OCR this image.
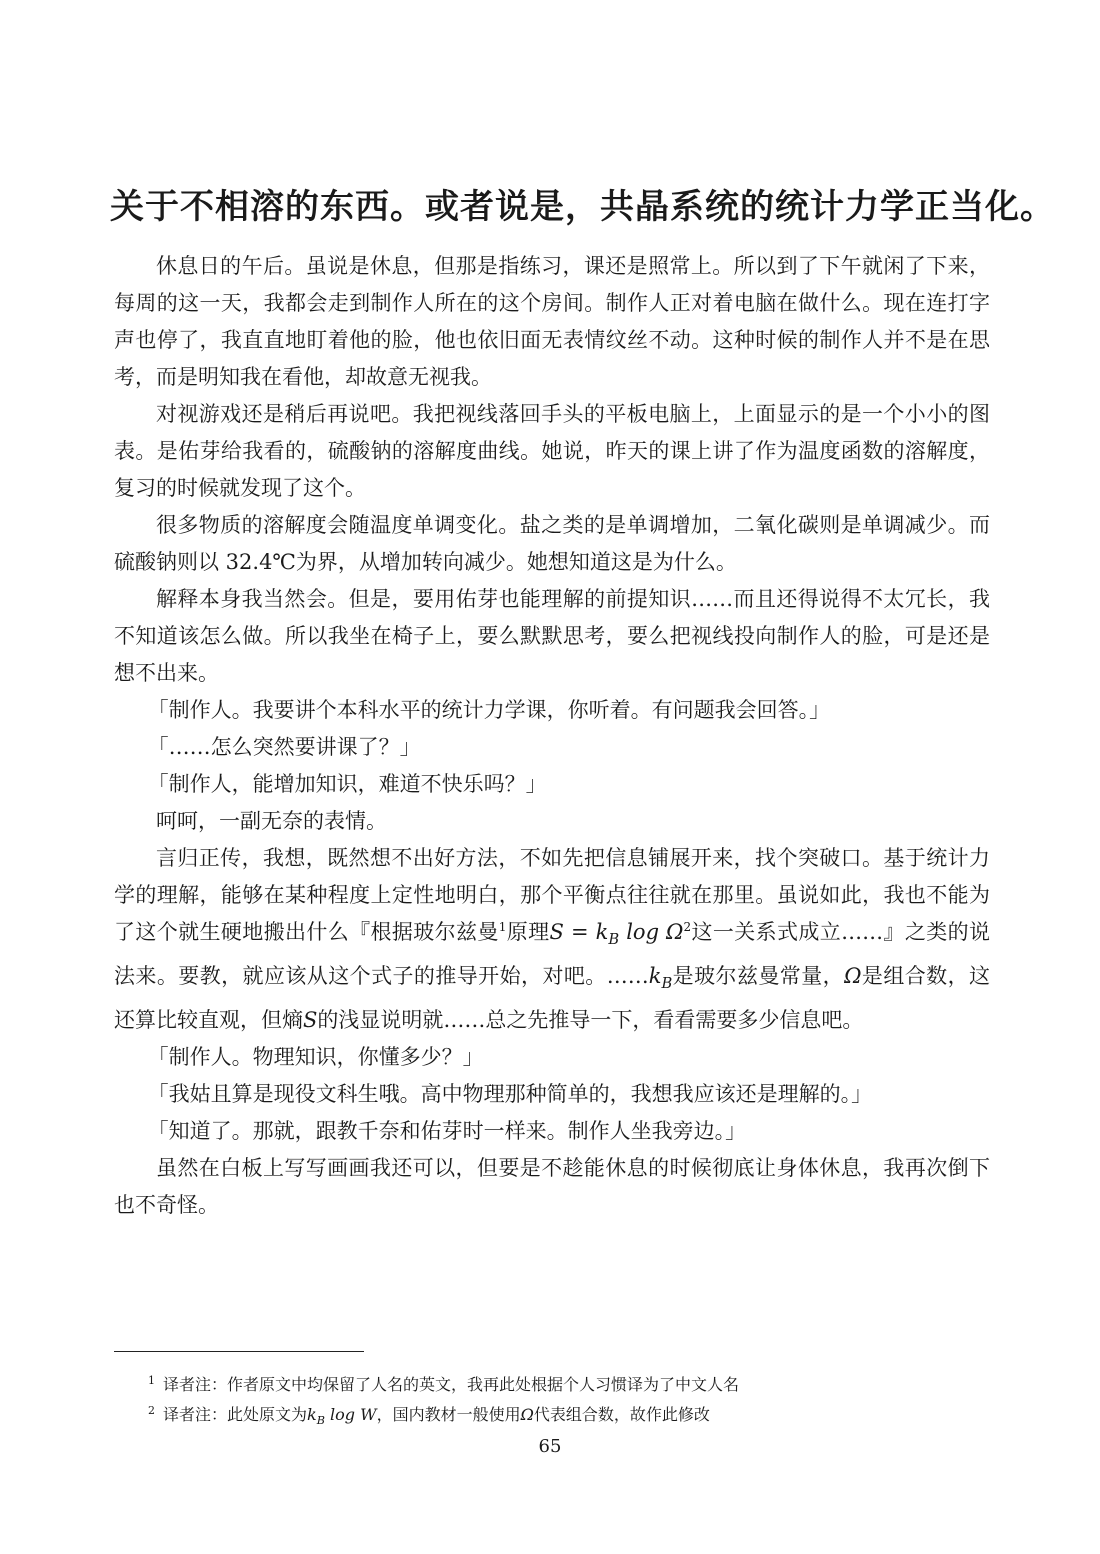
关于不相溶的东西。或者说是，共晶系统的统计力学正当化。

休息日的午后。虽说是休息，但那是指练习，课还是照常上。所以到了下午就闲了下来，每周的这一天，我都会走到制作人所在的这个房间。制作人正对着电脑在做什么。现在连打字声也停了，我直直地盯着他的脸，他也依旧面无表情纹丝不动。这种时候的制作人并不是在思考，而是明知我在看他，却故意无视我。

对视游戏还是稍后再说吧。我把视线落回手头的平板电脑上，上面显示的是一个小小的图表。是佑芽给我看的，硫酸钠的溶解度曲线。她说，昨天的课上讲了作为温度函数的溶解度，复习的时候就发现了这个。

很多物质的溶解度会随温度单调变化。盐之类的是单调增加，二氧化碳则是单调减少。而硫酸钠则以 32.4℃为界，从增加转向减少。她想知道这是为什么。

解释本身我当然会。但是，要用佑芽也能理解的前提知识……而且还得说得不太冗长，我不知道该怎么做。所以我坐在椅子上，要么默默思考，要么把视线投向制作人的脸，可是还是想不出来。

「制作人。我要讲个本科水平的统计力学课，你听着。有问题我会回答。」

「……怎么突然要讲课了？」

「制作人，能增加知识，难道不快乐吗？」

呵呵，一副无奈的表情。

言归正传，我想，既然想不出好方法，不如先把信息铺展开来，找个突破口。基于统计力学的理解，能够在某种程度上定性地明白，那个平衡点往往就在那里。虽说如此，我也不能为了这个就生硬地搬出什么『根据玻尔兹曼$^1$原理$S = k_B$ log Ω$^2$这一关系式成立……』之类的说法来。要教，就应该从这个式子的推导开始，对吧。$\dots\dots k_B$是玻尔兹曼常量，Ω是组合数，这还算比较直观，但熵S的浅显说明就……总之先推导一下，看看需要多少信息吧。

「制作人。物理知识，你懂多少？」

「我姑且算是现役文科生哦。高中物理那种简单的，我想我应该还是理解的。」

「知道了。那就，跟教千奈和佑芽时一样来。制作人坐我旁边。」

虽然在白板上写写画画我还可以，但要是不趁能休息的时候彻底让身体休息，我再次倒下也不奇怪。

$^1$ 译者注：作者原文中均保留了人名的英文，我再此处根据个人习惯译为了中文人名

$^2$ 译者注：此处原文为$k_B$ log W，国内教材一般使用Ω代表组合数，故作此修改

65
